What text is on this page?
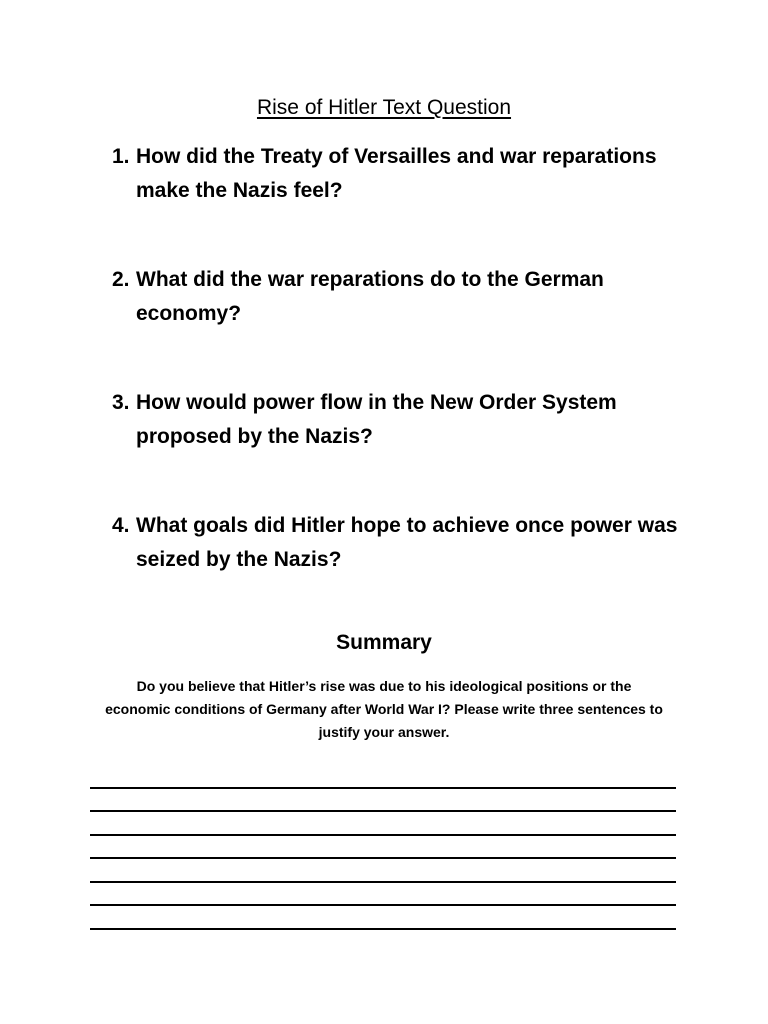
Rise of Hitler Text Question
1. How did the Treaty of Versailles and war reparations make the Nazis feel?
2. What did the war reparations do to the German economy?
3. How would power flow in the New Order System proposed by the Nazis?
4. What goals did Hitler hope to achieve once power was seized by the Nazis?
Summary
Do you believe that Hitler’s rise was due to his ideological positions or the economic conditions of Germany after World War I? Please write three sentences to justify your answer.
